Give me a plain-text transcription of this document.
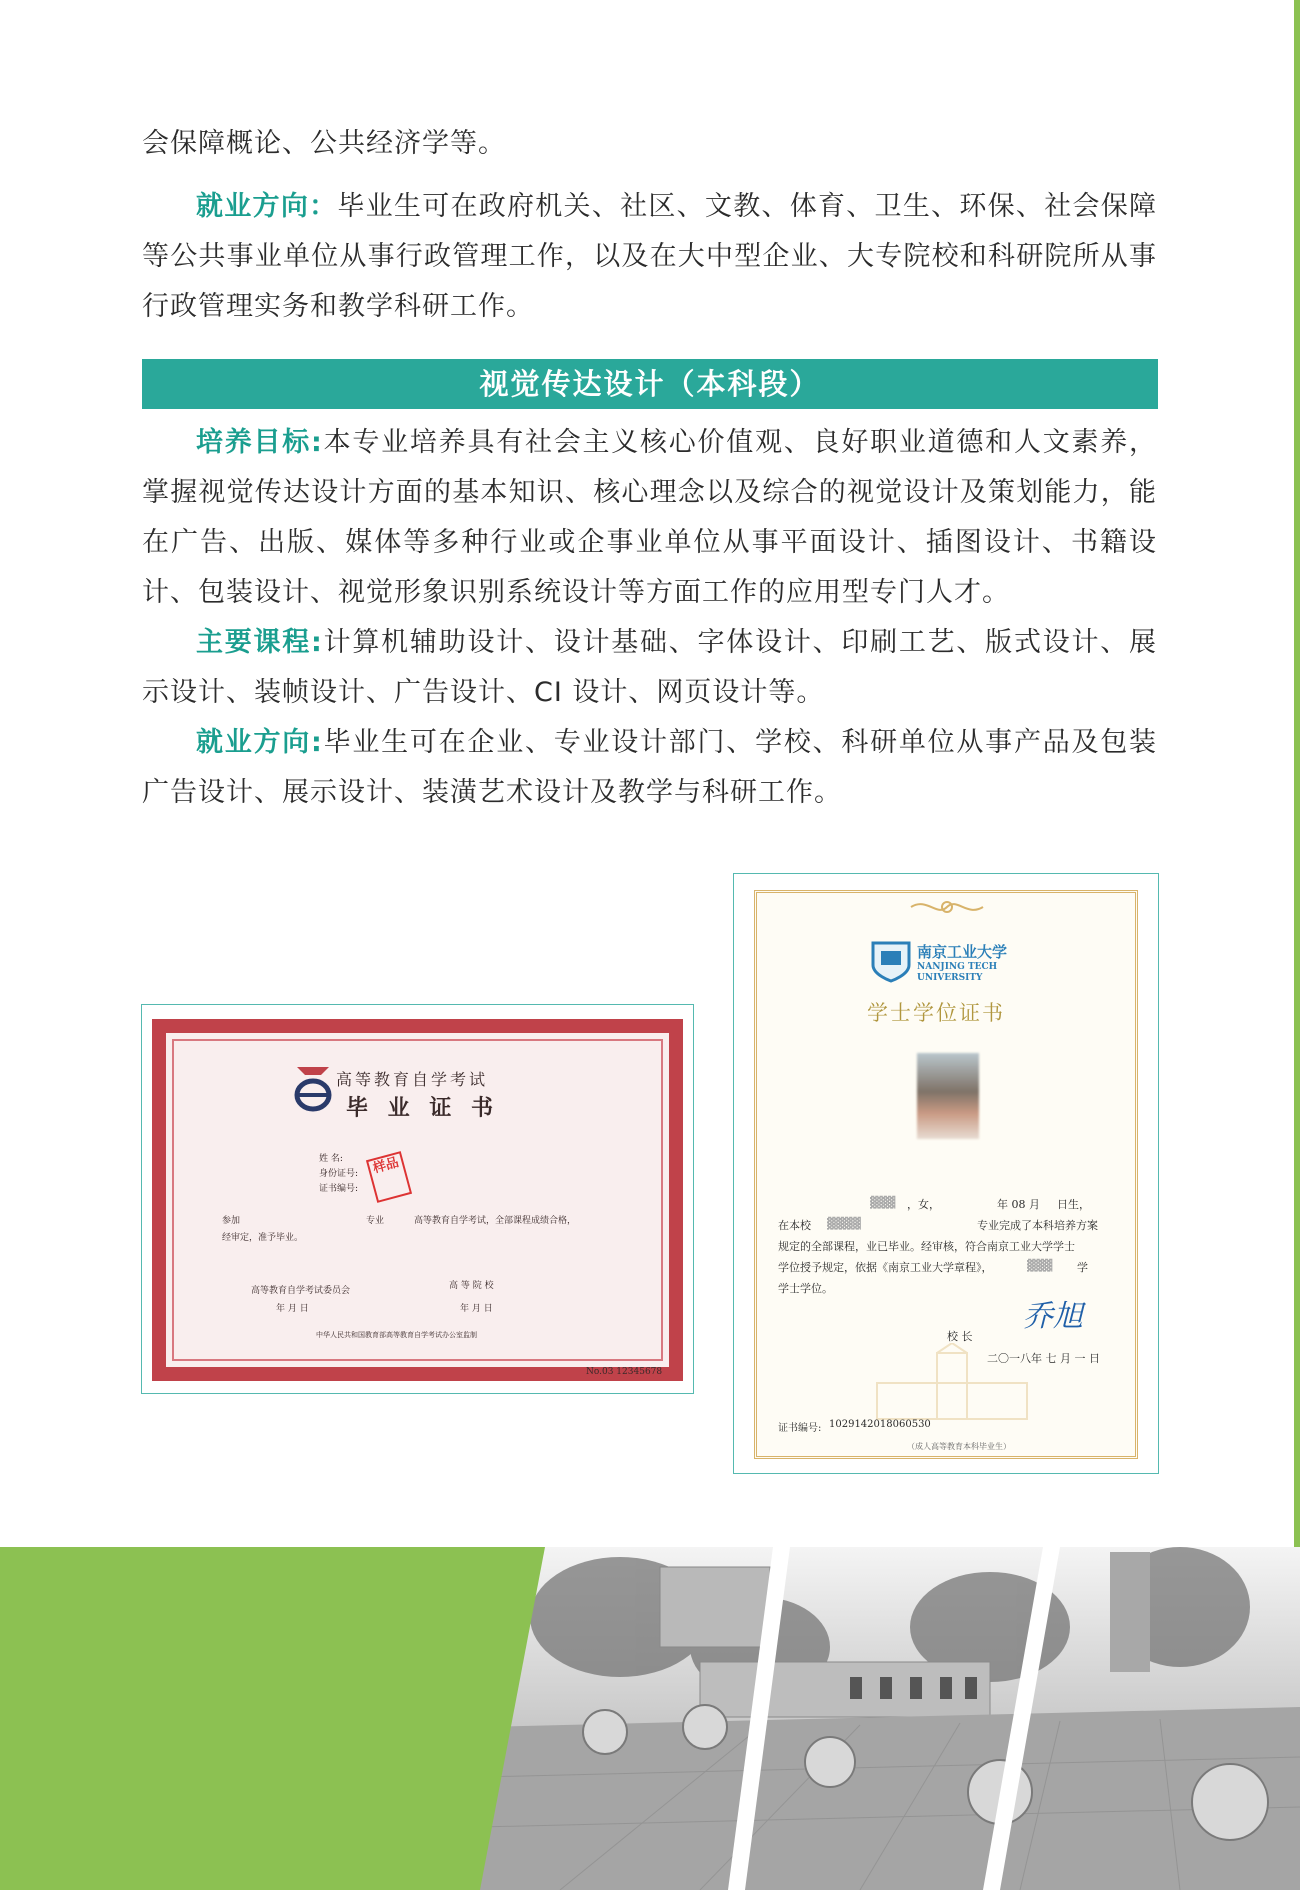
会保障概论、公共经济学等。

就业方向：毕业生可在政府机关、社区、文教、体育、卫生、环保、社会保障等公共事业单位从事行政管理工作，以及在大中型企业、大专院校和科研院所从事行政管理实务和教学科研工作。

视觉传达设计（本科段）

培养目标:本专业培养具有社会主义核心价值观、良好职业道德和人文素养，掌握视觉传达设计方面的基本知识、核心理念以及综合的视觉设计及策划能力，能在广告、出版、媒体等多种行业或企事业单位从事平面设计、插图设计、书籍设计、包装设计、视觉形象识别系统设计等方面工作的应用型专门人才。

主要课程:计算机辅助设计、设计基础、字体设计、印刷工艺、版式设计、展示设计、装帧设计、广告设计、CI 设计、网页设计等。

就业方向:毕业生可在企业、专业设计部门、学校、科研单位从事产品及包装广告设计、展示设计、装潢艺术设计及教学与科研工作。

高等教育自学考试
毕 业 证 书
姓 名:
身份证号:
证书编号:
样品
参加	专业	高等教育自学考试，全部课程成绩合格，
经审定，准予毕业。
高等教育自学考试委员会	高 等 院 校
年 月 日	年 月 日
中华人民共和国教育部高等教育自学考试办公室监制
No.03 12345678
南京工业大学
NANJING TECH
UNIVERSITY
学士学位证书
▓▓▓ ，女，	年 08 月 日生，
在本校 ▓▓▓▓	专业完成了本科培养方案
规定的全部课程，业已毕业。经审核，符合南京工业大学学士
学位授予规定，依据《南京工业大学章程》，	▓▓▓ 学
学士学位。
乔旭
校 长
二〇一八年 七 月 一 日
证书编号: 1029142018060530
（成人高等教育本科毕业生）
